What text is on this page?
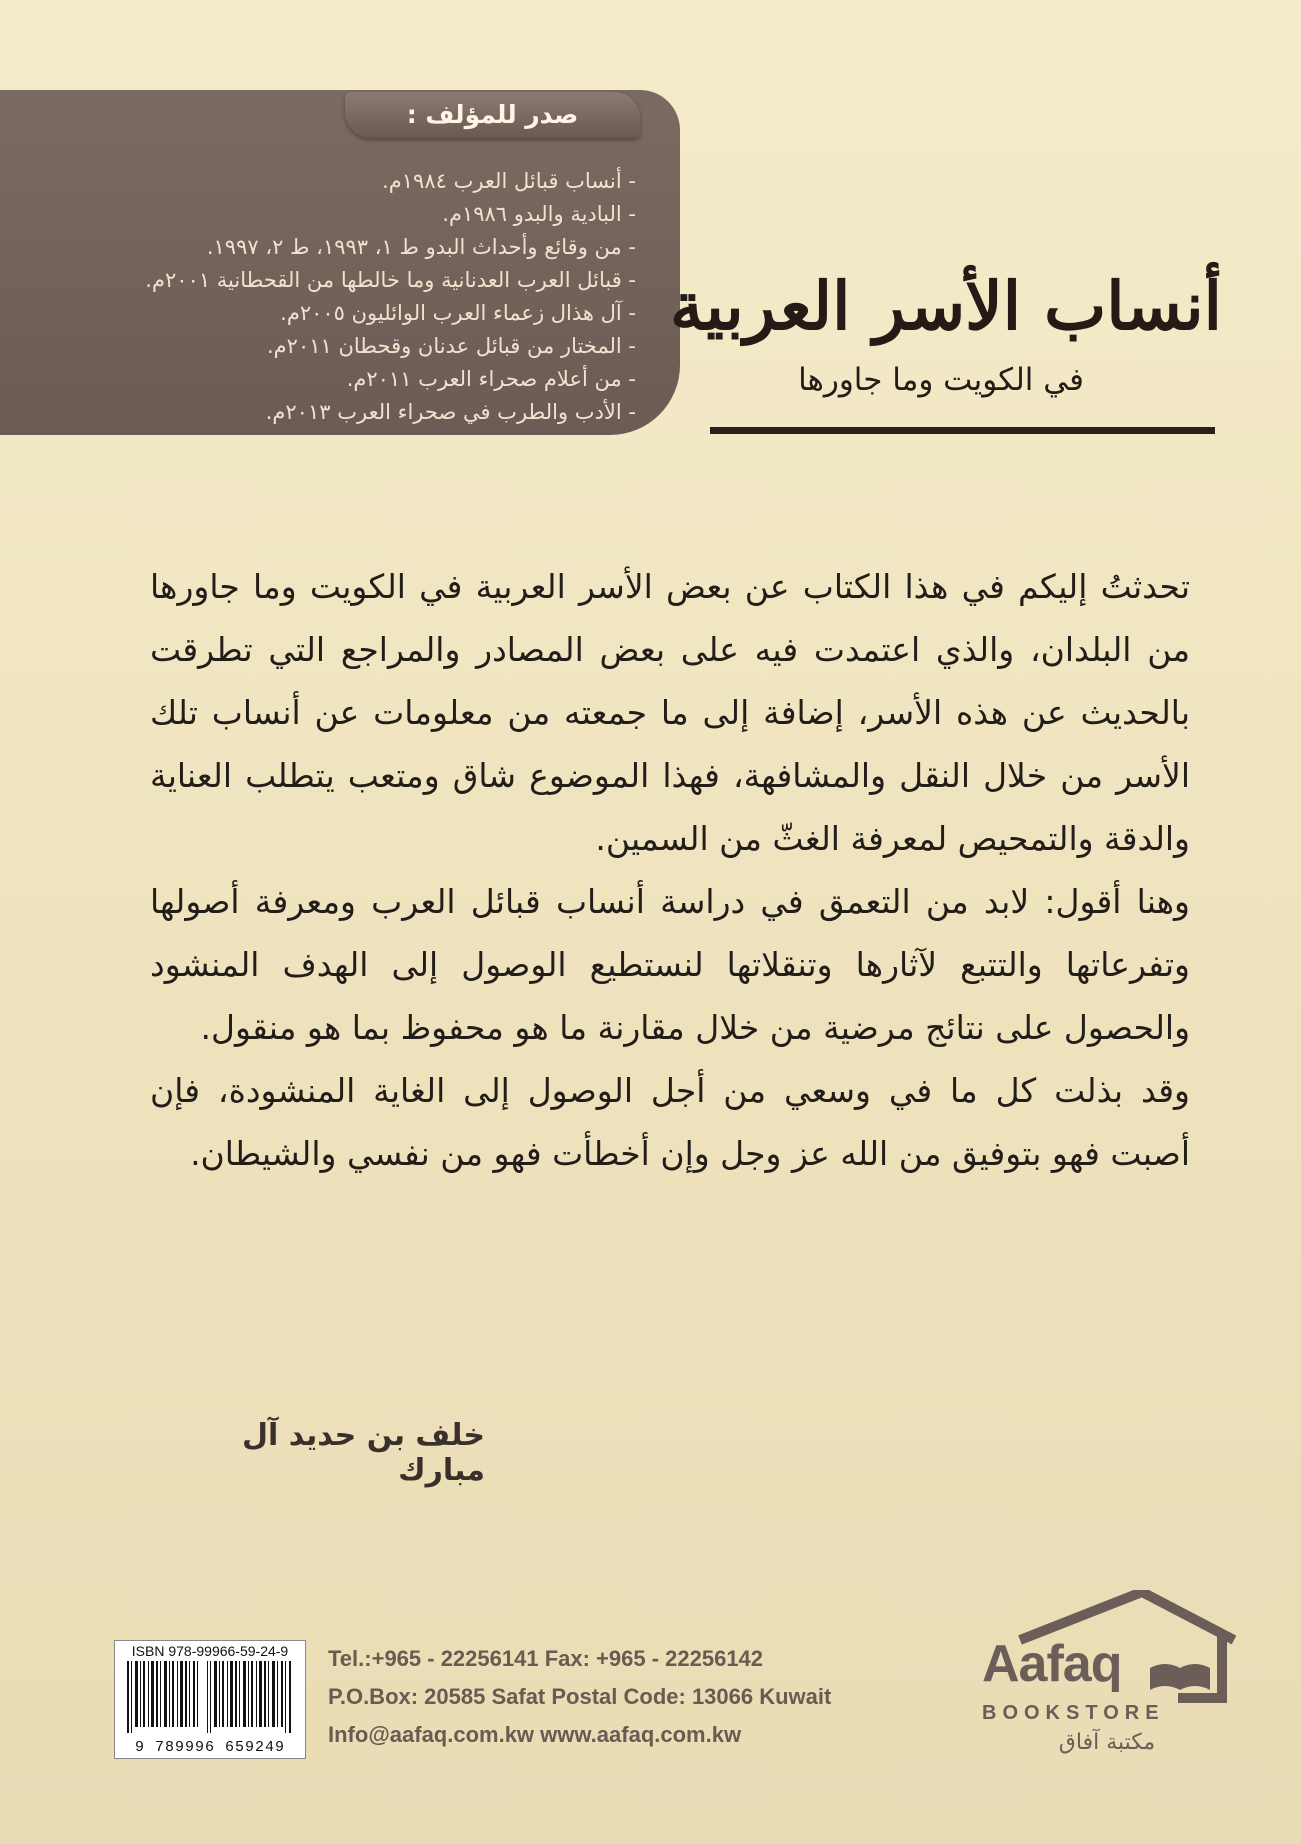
صدر للمؤلف :
- أنساب قبائل العرب ١٩٨٤م.
- البادية والبدو ١٩٨٦م.
- من وقائع وأحداث البدو ط ١، ١٩٩٣، ط ٢، ١٩٩٧.
- قبائل العرب العدنانية وما خالطها من القحطانية ٢٠٠١م.
- آل هذال زعماء العرب الوائليون ٢٠٠٥م.
- المختار من قبائل عدنان وقحطان ٢٠١١م.
- من أعلام صحراء العرب ٢٠١١م.
- الأدب والطرب في صحراء العرب ٢٠١٣م.
أنساب الأسر العربية
في الكويت وما جاورها

تحدثتُ إليكم في هذا الكتاب عن بعض الأسر العربية في الكويت وما جاورها من البلدان، والذي اعتمدت فيه على بعض المصادر والمراجع التي تطرقت بالحديث عن هذه الأسر، إضافة إلى ما جمعته من معلومات عن أنساب تلك الأسر من خلال النقل والمشافهة، فهذا الموضوع شاق ومتعب يتطلب العناية والدقة والتمحيص لمعرفة الغثّ من السمين.

وهنا أقول: لابد من التعمق في دراسة أنساب قبائل العرب ومعرفة أصولها وتفرعاتها والتتبع لآثارها وتنقلاتها لنستطيع الوصول إلى الهدف المنشود والحصول على نتائج مرضية من خلال مقارنة ما هو محفوظ بما هو منقول.

وقد بذلت كل ما في وسعي من أجل الوصول إلى الغاية المنشودة، فإن أصبت فهو بتوفيق من الله عز وجل وإن أخطأت فهو من نفسي والشيطان.

خلف بن حديد آل مبارك
ISBN 978-99966-59-24-9
9 789996 659249
Tel.:+965 - 22256141 Fax: +965 - 22256142
P.O.Box: 20585 Safat Postal Code: 13066 Kuwait
Info@aafaq.com.kw www.aafaq.com.kw
Aafaq
BOOKSTORE
مكتبة آفاق
